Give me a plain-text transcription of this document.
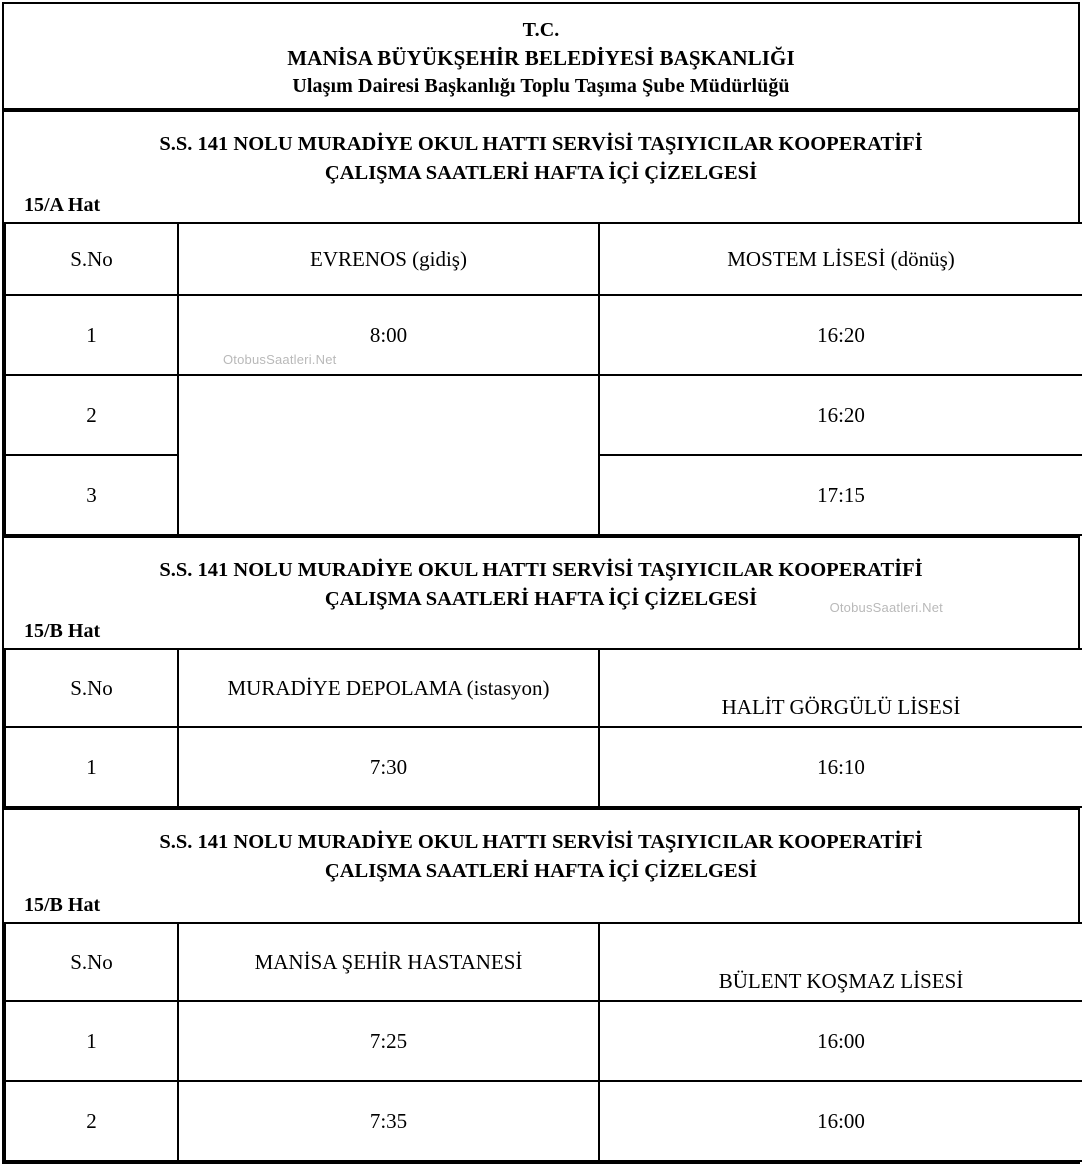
T.C.
MANİSA BÜYÜKŞEHİR BELEDİYESİ BAŞKANLIĞI
Ulaşım Dairesi Başkanlığı Toplu Taşıma Şube Müdürlüğü
S.S. 141 NOLU MURADİYE OKUL HATTI SERVİSİ TAŞIYICILAR KOOPERATİFİ
ÇALIŞMA SAATLERİ HAFTA İÇİ ÇİZELGESİ
15/A Hat
S.No	EVRENOS (gidiş)	MOSTEM LİSESİ (dönüş)
1	8:00	16:20
2		16:20
3		17:15
OtobusSaatleri.Net
S.S. 141 NOLU MURADİYE OKUL HATTI SERVİSİ TAŞIYICILAR KOOPERATİFİ
ÇALIŞMA SAATLERİ HAFTA İÇİ ÇİZELGESİ
15/B Hat
OtobusSaatleri.Net
S.No	MURADİYE DEPOLAMA (istasyon)	HALİT GÖRGÜLÜ LİSESİ
1	7:30	16:10
S.S. 141 NOLU MURADİYE OKUL HATTI SERVİSİ TAŞIYICILAR KOOPERATİFİ
ÇALIŞMA SAATLERİ HAFTA İÇİ ÇİZELGESİ
15/B Hat
S.No	MANİSA ŞEHİR HASTANESİ	BÜLENT KOŞMAZ LİSESİ
1	7:25	16:00
2	7:35	16:00
